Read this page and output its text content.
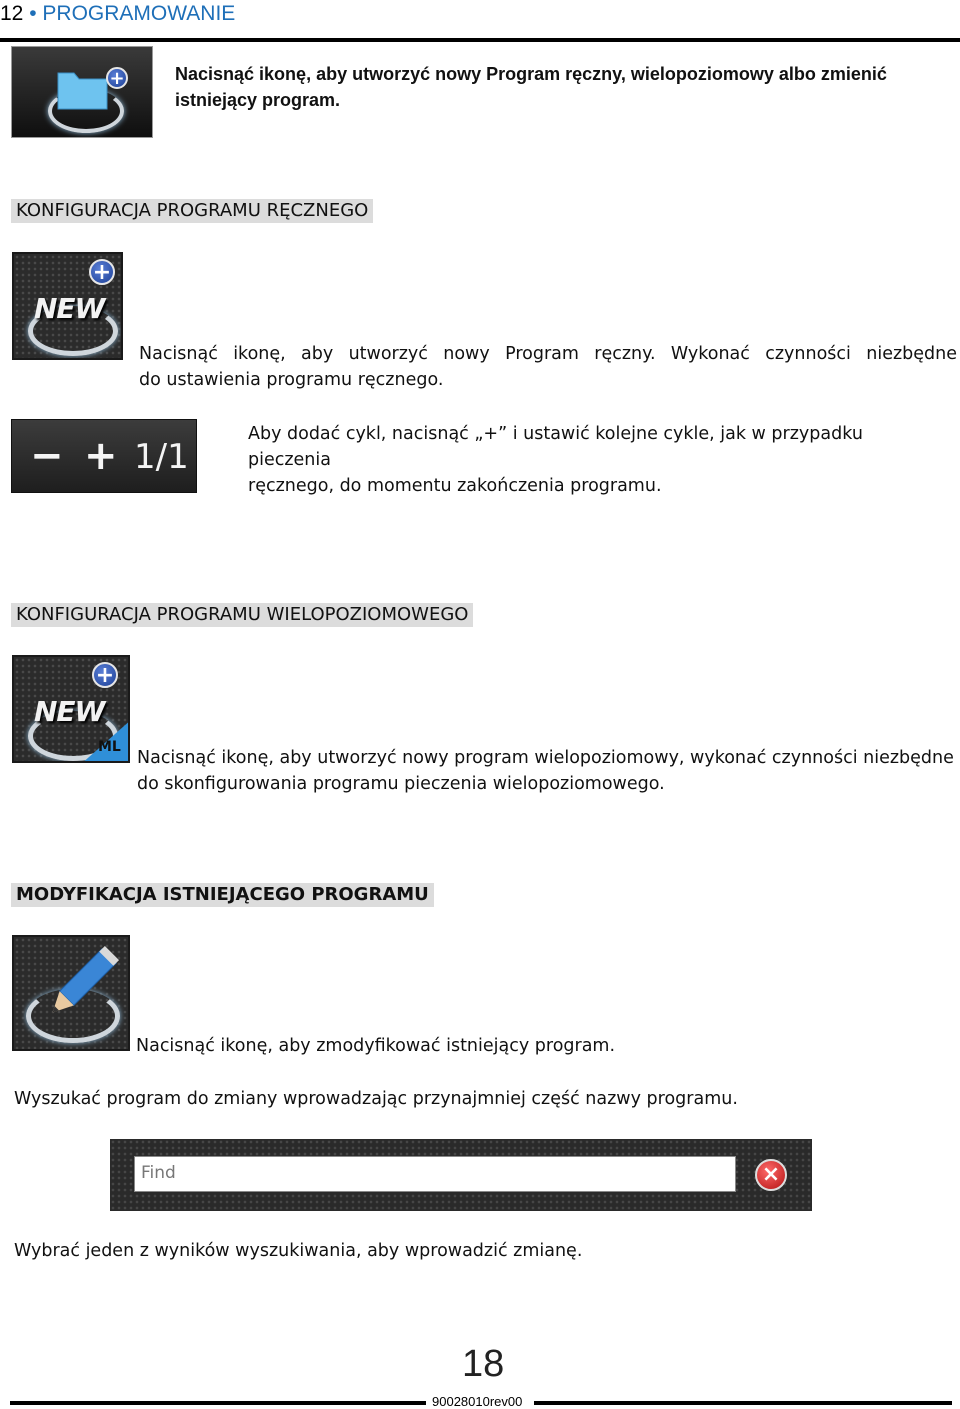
12 • PROGRAMOWANIE
+	Nacisnąć ikonę, aby utworzyć nowy Program ręczny, wielopoziomowy albo zmienić
istniejący program.
KONFIGURACJA PROGRAMU RĘCZNEGO
NEW
+
Nacisnąć ikonę, aby utworzyć nowy Program ręczny. Wykonać czynności niezbędne
do ustawienia programu ręcznego.
− + 1/1
Aby dodać cykl, nacisnąć „+” i ustawić kolejne cykle, jak w przypadku pieczenia
ręcznego, do momentu zakończenia programu.
KONFIGURACJA PROGRAMU WIELOPOZIOMOWEGO
NEW
+
ML
Nacisnąć ikonę, aby utworzyć nowy program wielopoziomowy, wykonać czynności niezbędne
do skonfigurowania programu pieczenia wielopoziomowego.
MODYFIKACJA ISTNIEJĄCEGO PROGRAMU
Nacisnąć ikonę, aby zmodyfikować istniejący program.
Wyszukać program do zmiany wprowadzając przynajmniej część nazwy programu.
Find	×
Wybrać jeden z wyników wyszukiwania, aby wprowadzić zmianę.
18
90028010rev00
